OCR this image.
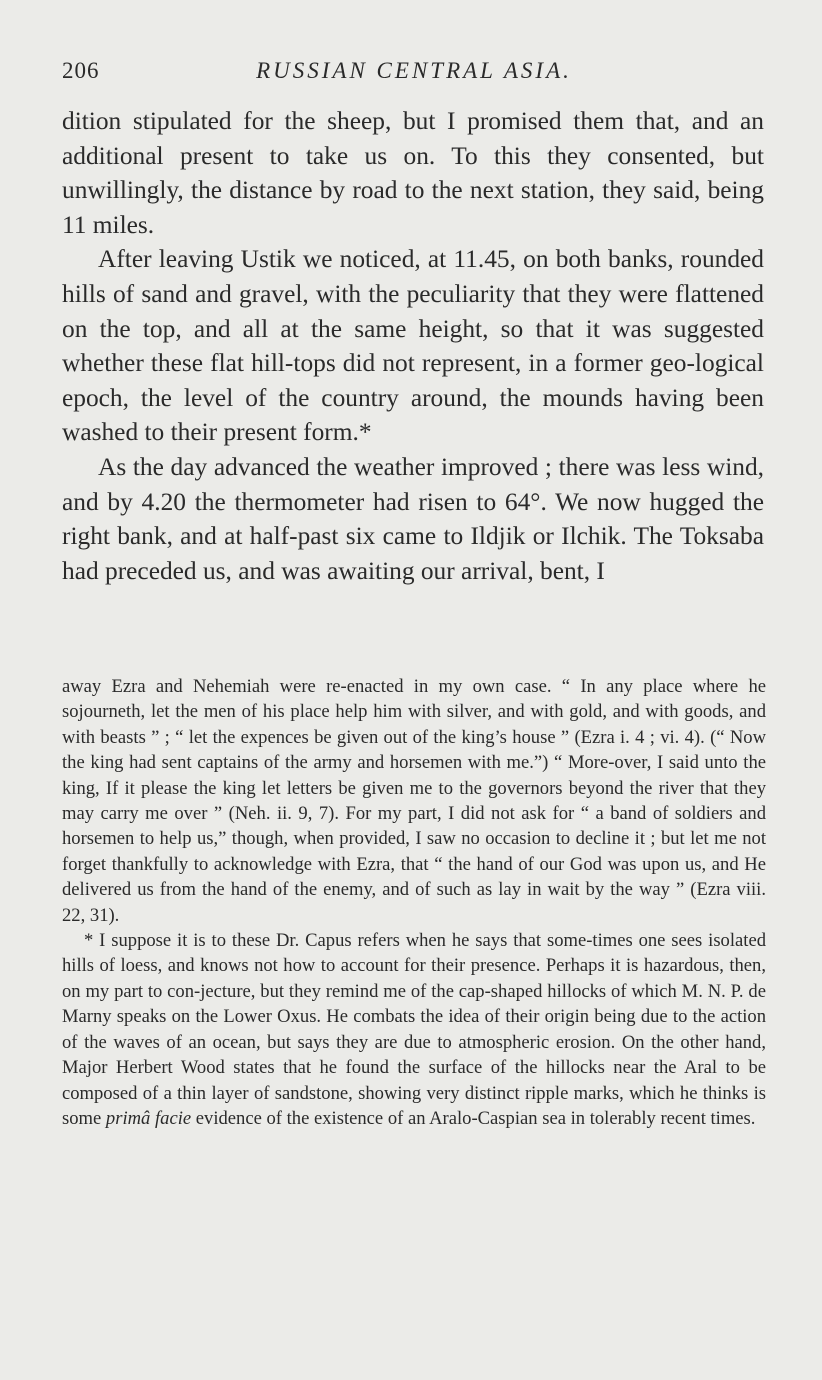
206	RUSSIAN CENTRAL ASIA.

dition stipulated for the sheep, but I promised them that, and an additional present to take us on. To this they consented, but unwillingly, the distance by road to the next station, they said, being 11 miles.

After leaving Ustik we noticed, at 11.45, on both banks, rounded hills of sand and gravel, with the peculiarity that they were flattened on the top, and all at the same height, so that it was suggested whether these flat hill-tops did not represent, in a former geo-logical epoch, the level of the country around, the mounds having been washed to their present form.*

As the day advanced the weather improved ; there was less wind, and by 4.20 the thermometer had risen to 64°. We now hugged the right bank, and at half-past six came to Ildjik or Ilchik. The Toksaba had preceded us, and was awaiting our arrival, bent, I

away Ezra and Nehemiah were re-enacted in my own case. “ In any place where he sojourneth, let the men of his place help him with silver, and with gold, and with goods, and with beasts ” ; “ let the expences be given out of the king’s house ” (Ezra i. 4 ; vi. 4). (“ Now the king had sent captains of the army and horsemen with me.”) “ More-over, I said unto the king, If it please the king let letters be given me to the governors beyond the river that they may carry me over ” (Neh. ii. 9, 7). For my part, I did not ask for “ a band of soldiers and horsemen to help us,” though, when provided, I saw no occasion to decline it ; but let me not forget thankfully to acknowledge with Ezra, that “ the hand of our God was upon us, and He delivered us from the hand of the enemy, and of such as lay in wait by the way ” (Ezra viii. 22, 31).

* I suppose it is to these Dr. Capus refers when he says that some-times one sees isolated hills of loess, and knows not how to account for their presence. Perhaps it is hazardous, then, on my part to con-jecture, but they remind me of the cap-shaped hillocks of which M. N. P. de Marny speaks on the Lower Oxus. He combats the idea of their origin being due to the action of the waves of an ocean, but says they are due to atmospheric erosion. On the other hand, Major Herbert Wood states that he found the surface of the hillocks near the Aral to be composed of a thin layer of sandstone, showing very distinct ripple marks, which he thinks is some primâ facie evidence of the existence of an Aralo-Caspian sea in tolerably recent times.
